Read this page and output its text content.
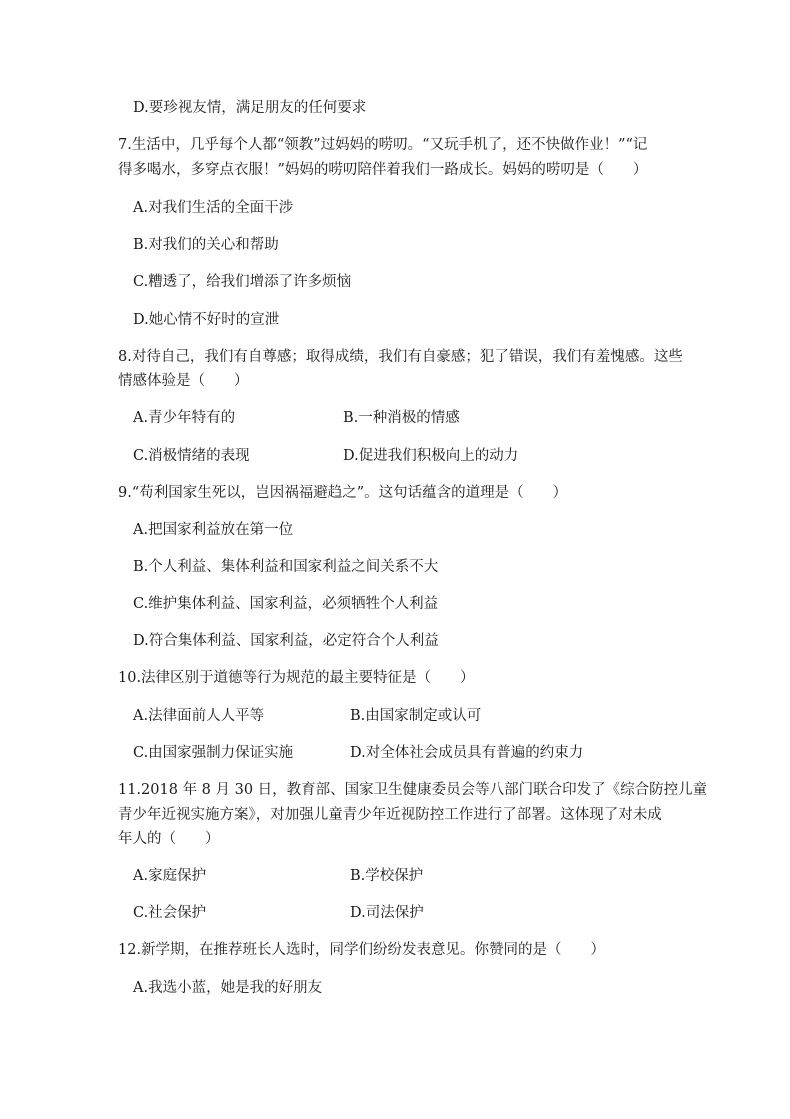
D.要珍视友情，满足朋友的任何要求
7.生活中，几乎每个人都“领教”过妈妈的唠叨。“又玩手机了，还不快做作业！”“记
得多喝水，多穿点衣服！”妈妈的唠叨陪伴着我们一路成长。妈妈的唠叨是（　　）
A.对我们生活的全面干涉
B.对我们的关心和帮助
C.糟透了，给我们增添了许多烦恼
D.她心情不好时的宣泄
8.对待自己，我们有自尊感；取得成绩，我们有自豪感；犯了错误，我们有羞愧感。这些
情感体验是（　　）
A.青少年特有的	B.一种消极的情感
C.消极情绪的表现	D.促进我们积极向上的动力
9.“苟利国家生死以，岂因祸福避趋之”。这句话蕴含的道理是（　　）
A.把国家利益放在第一位
B.个人利益、集体利益和国家利益之间关系不大
C.维护集体利益、国家利益，必须牺牲个人利益
D.符合集体利益、国家利益，必定符合个人利益
10.法律区别于道德等行为规范的最主要特征是（　　）
A.法律面前人人平等	B.由国家制定或认可
C.由国家强制力保证实施	D.对全体社会成员具有普遍的约束力
11.2018 年 8 月 30 日，教育部、国家卫生健康委员会等八部门联合印发了《综合防控儿童
青少年近视实施方案》，对加强儿童青少年近视防控工作进行了部署。这体现了对未成
年人的（　　）
A.家庭保护	B.学校保护
C.社会保护	D.司法保护
12.新学期，在推荐班长人选时，同学们纷纷发表意见。你赞同的是（　　）
A.我选小蓝，她是我的好朋友
